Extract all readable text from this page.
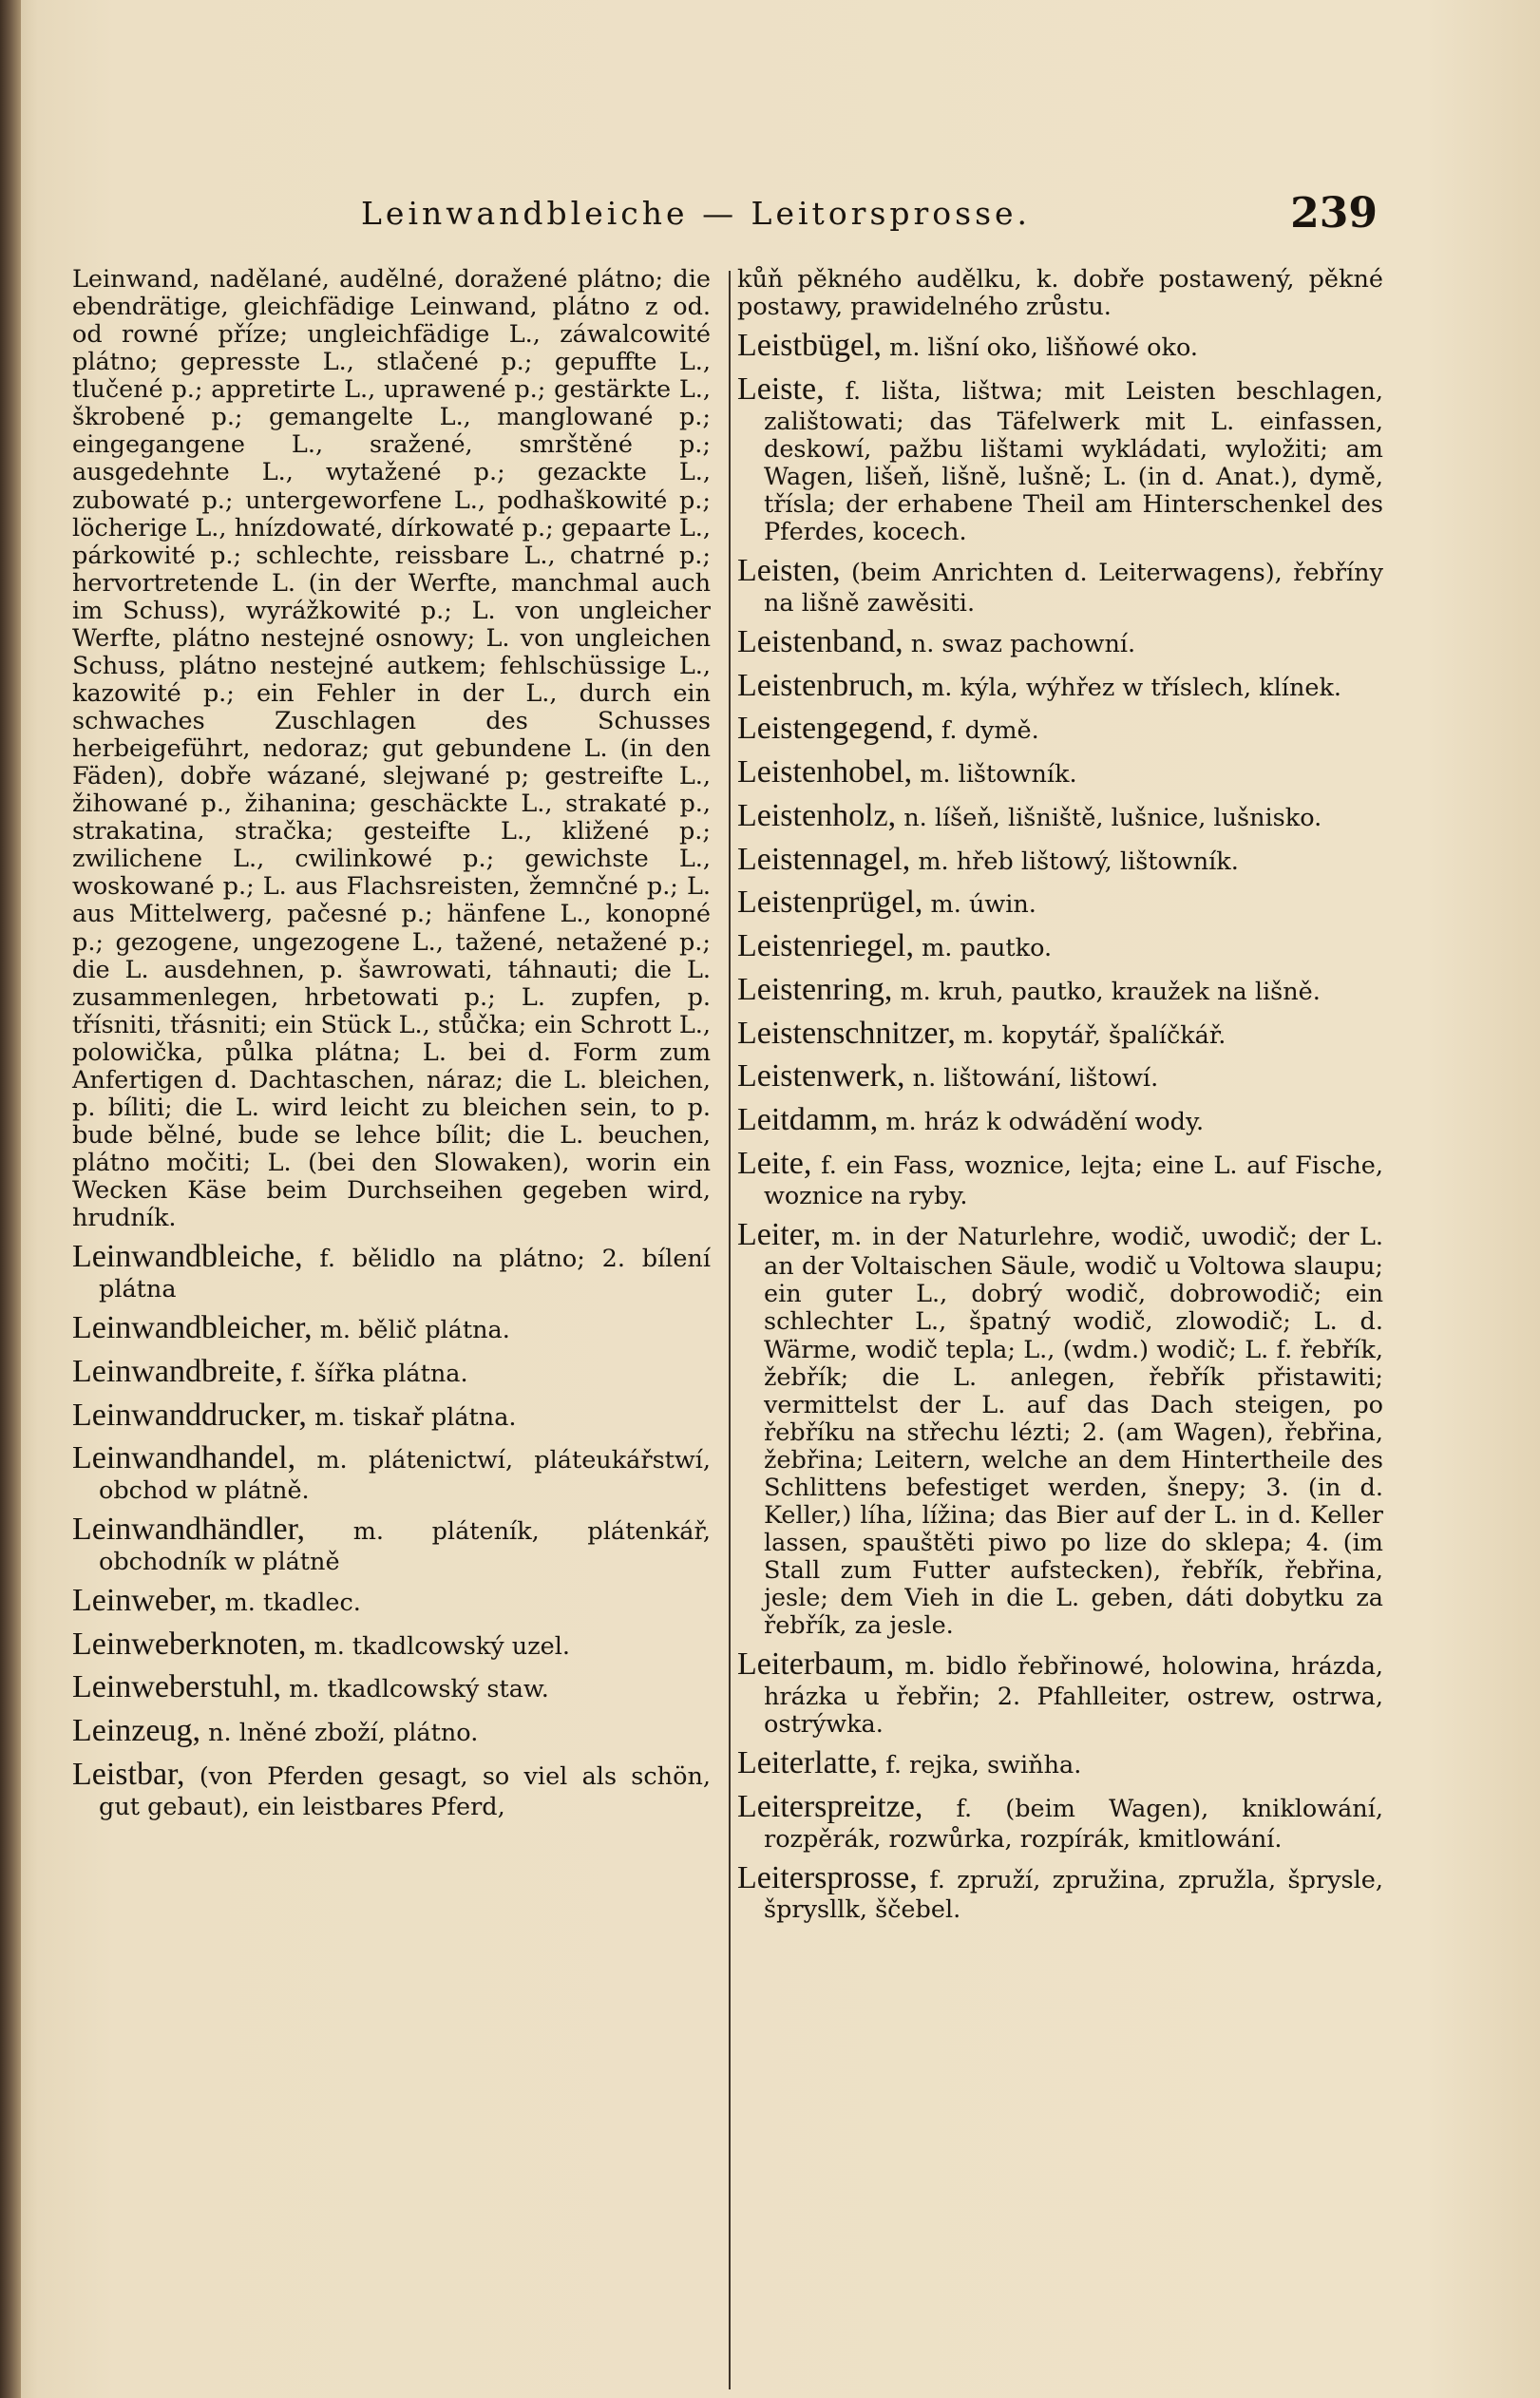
Leinwandbleiche — Leitorsprosse.	239

Leinwand, nadělané, audělné, doražené plátno; die ebendrätige, gleichfädige Leinwand, plátno z od. od rowné příze; ungleichfädige L., záwalcowité plátno; gepresste L., stlačené p.; gepuffte L., tlučené p.; appretirte L., uprawené p.; gestärkte L., škrobené p.; gemangelte L., manglowané p.; eingegangene L., sražené, smrštěné p.; ausgedehnte L., wytažené p.; gezackte L., zubowaté p.; untergeworfene L., podhaškowité p.; löcherige L., hnízdowaté, dírkowaté p.; gepaarte L., párkowité p.; schlechte, reissbare L., chatrné p.; hervortretende L. (in der Werfte, manchmal auch im Schuss), wyrážkowité p.; L. von ungleicher Werfte, plátno nestejné osnowy; L. von ungleichen Schuss, plátno nestejné autkem; fehlschüssige L., kazowité p.; ein Fehler in der L., durch ein schwaches Zuschlagen des Schusses herbeigeführt, nedoraz; gut gebundene L. (in den Fäden), dobře wázané, slejwané p; gestreifte L., žihowané p., žihanina; geschäckte L., strakaté p., strakatina, stračka; gesteifte L., kližené p.; zwilichene L., cwilinkowé p.; gewichste L., woskowané p.; L. aus Flachsreisten, žemnčné p.; L. aus Mittelwerg, pačesné p.; hänfene L., konopné p.; gezogene, ungezogene L., tažené, netažené p.; die L. ausdehnen, p. šawrowati, táhnauti; die L. zusammenlegen, hrbetowati p.; L. zupfen, p. třísniti, třásniti; ein Stück L., stůčka; ein Schrott L., polowička, půlka plátna; L. bei d. Form zum Anfertigen d. Dachtaschen, náraz; die L. bleichen, p. bíliti; die L. wird leicht zu bleichen sein, to p. bude bělné, bude se lehce bílit; die L. beuchen, plátno močiti; L. (bei den Slowaken), worin ein Wecken Käse beim Durchseihen gegeben wird, hrudník.

Leinwandbleiche, f. bělidlo na plátno; 2. bílení plátna

Leinwandbleicher, m. bělič plátna.

Leinwandbreite, f. šířka plátna.

Leinwanddrucker, m. tiskař plátna.

Leinwandhandel, m. plátenictwí, pláteukářstwí, obchod w plátně.

Leinwandhändler, m. pláteník, plátenkář, obchodník w plátně

Leinweber, m. tkadlec.

Leinweberknoten, m. tkadlcowský uzel.

Leinweberstuhl, m. tkadlcowský staw.

Leinzeug, n. lněné zboží, plátno.

Leistbar, (von Pferden gesagt, so viel als schön, gut gebaut), ein leistbares Pferd,

kůň pěkného audělku, k. dobře postawený, pěkné postawy, prawidelného zrůstu.

Leistbügel, m. lišní oko, lišňowé oko.

Leiste, f. lišta, lištwa; mit Leisten beschlagen, zalištowati; das Täfelwerk mit L. einfassen, deskowí, pažbu lištami wykládati, wyložiti; am Wagen, lišeň, lišně, lušně; L. (in d. Anat.), dymě, třísla; der erhabene Theil am Hinterschenkel des Pferdes, kocech.

Leisten, (beim Anrichten d. Leiterwagens), řebříny na lišně zawěsiti.

Leistenband, n. swaz pachowní.

Leistenbruch, m. kýla, wýhřez w tříslech, klínek.

Leistengegend, f. dymě.

Leistenhobel, m. lištowník.

Leistenholz, n. líšeň, lišniště, lušnice, lušnisko.

Leistennagel, m. hřeb lištowý, lištowník.

Leistenprügel, m. úwin.

Leistenriegel, m. pautko.

Leistenring, m. kruh, pautko, kraužek na lišně.

Leistenschnitzer, m. kopytář, špalíčkář.

Leistenwerk, n. lištowání, lištowí.

Leitdamm, m. hráz k odwádění wody.

Leite, f. ein Fass, woznice, lejta; eine L. auf Fische, woznice na ryby.

Leiter, m. in der Naturlehre, wodič, uwodič; der L. an der Voltaischen Säule, wodič u Voltowa slaupu; ein guter L., dobrý wodič, dobrowodič; ein schlechter L., špatný wodič, zlowodič; L. d. Wärme, wodič tepla; L., (wdm.) wodič; L. f. řebřík, žebřík; die L. anlegen, řebřík přistawiti; vermittelst der L. auf das Dach steigen, po řebříku na střechu lézti; 2. (am Wagen), řebřina, žebřina; Leitern, welche an dem Hintertheile des Schlittens befestiget werden, šnepy; 3. (in d. Keller,) líha, lížina; das Bier auf der L. in d. Keller lassen, spauštěti piwo po lize do sklepa; 4. (im Stall zum Futter aufstecken), řebřík, řebřina, jesle; dem Vieh in die L. geben, dáti dobytku za řebřík, za jesle.

Leiterbaum, m. bidlo řebřinowé, holowina, hrázda, hrázka u řebřin; 2. Pfahlleiter, ostrew, ostrwa, ostrýwka.

Leiterlatte, f. rejka, swiňha.

Leiterspreitze, f. (beim Wagen), kniklowání, rozpěrák, rozwůrka, rozpírák, kmitlowání.

Leitersprosse, f. zpruží, zpružina, zpružla, šprysle, šprysllk, ščebel.
